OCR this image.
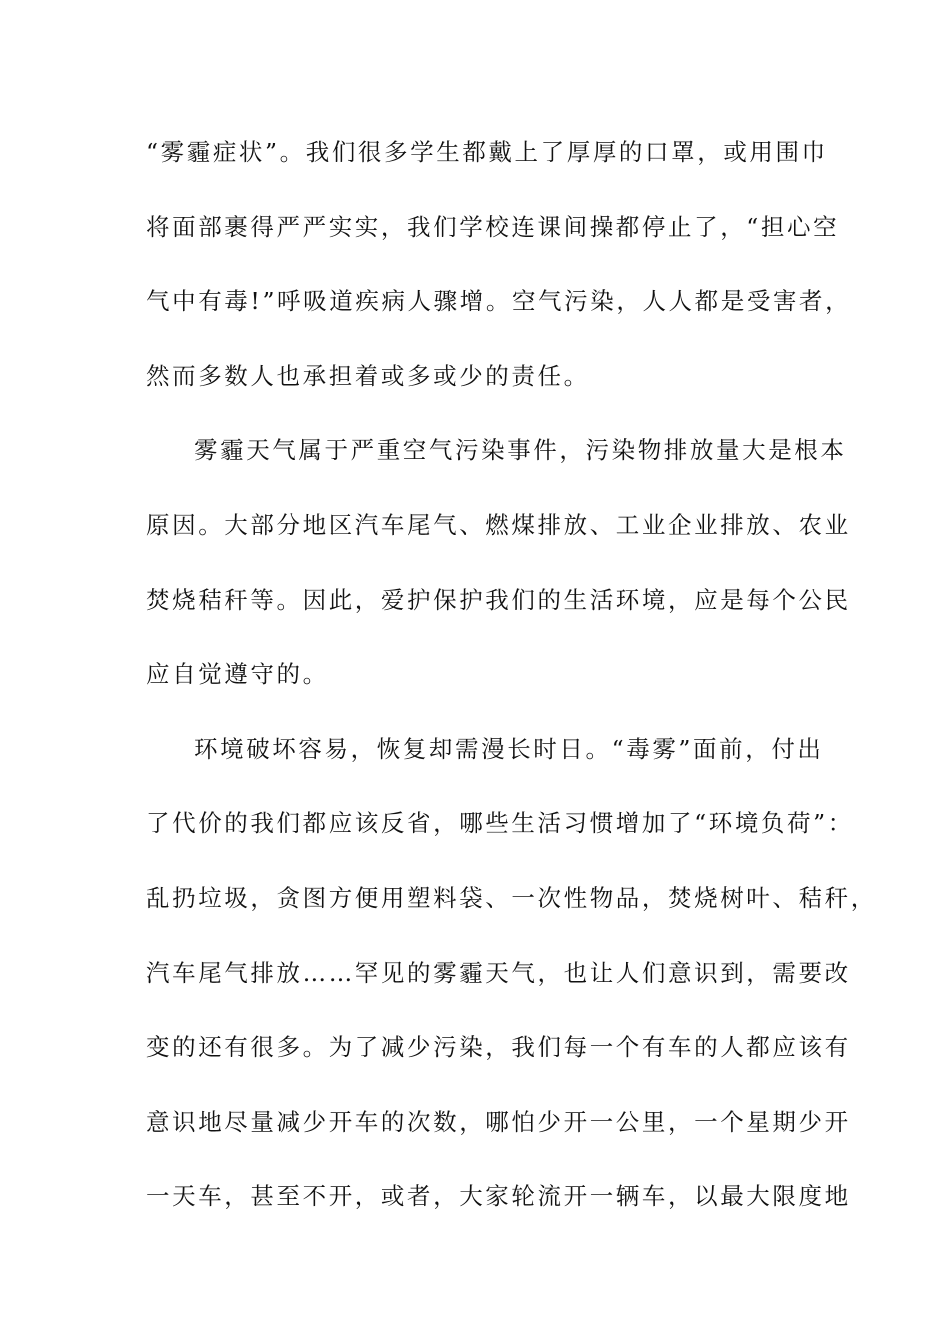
“雾霾症状”。我们很多学生都戴上了厚厚的口罩，或用围巾
将面部裹得严严实实，我们学校连课间操都停止了，“担心空
气中有毒!”呼吸道疾病人骤增。空气污染，人人都是受害者，
然而多数人也承担着或多或少的责任。
雾霾天气属于严重空气污染事件，污染物排放量大是根本
原因。大部分地区汽车尾气、燃煤排放、工业企业排放、农业
焚烧秸秆等。因此，爱护保护我们的生活环境，应是每个公民
应自觉遵守的。
环境破坏容易，恢复却需漫长时日。“毒雾”面前，付出
了代价的我们都应该反省，哪些生活习惯增加了“环境负荷”：
乱扔垃圾，贪图方便用塑料袋、一次性物品，焚烧树叶、秸秆，
汽车尾气排放……罕见的雾霾天气，也让人们意识到，需要改
变的还有很多。为了减少污染，我们每一个有车的人都应该有
意识地尽量减少开车的次数，哪怕少开一公里，一个星期少开
一天车，甚至不开，或者，大家轮流开一辆车，以最大限度地
